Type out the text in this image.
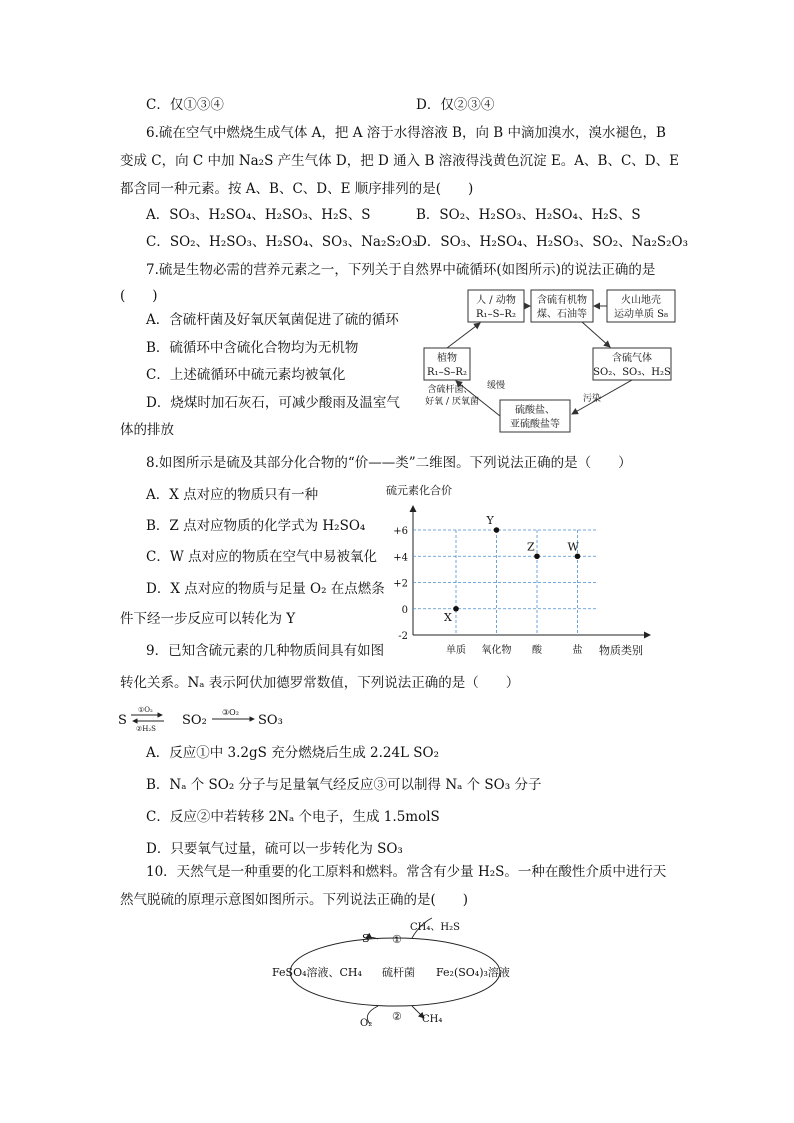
C．仅①③④	D．仅②③④
6.硫在空气中燃烧生成气体 A，把 A 溶于水得溶液 B，向 B 中滴加溴水，溴水褪色，B
变成 C，向 C 中加 Na₂S 产生气体 D，把 D 通入 B 溶液得浅黄色沉淀 E。A、B、C、D、E
都含同一种元素。按 A、B、C、D、E 顺序排列的是(　　)
A．SO₃、H₂SO₄、H₂SO₃、H₂S、S	B．SO₂、H₂SO₃、H₂SO₄、H₂S、S
C．SO₂、H₂SO₃、H₂SO₄、SO₃、Na₂S₂O₃
D．SO₃、H₂SO₄、H₂SO₃、SO₂、Na₂S₂O₃
7.硫是生物必需的营养元素之一，下列关于自然界中硫循环(如图所示)的说法正确的是
(　　)
A．含硫杆菌及好氧厌氧菌促进了硫的循环
B．硫循环中含硫化合物均为无机物
C．上述硫循环中硫元素均被氧化
D．烧煤时加石灰石，可减少酸雨及温室气
体的排放
人 / 动物
R₁–S–R₂
含硫有机物
煤、石油等
火山地壳
运动单质 S₈
含硫气体
SO₂、SO₃、H₂S
植物
R₁–S–R₂
硫酸盐、
亚硫酸盐等
含硫杆菌、
好氧 / 厌氧菌
缓慢
污染
8.如图所示是硫及其部分化合物的“价——类”二维图。下列说法正确的是（　　）
A．X 点对应的物质只有一种
B．Z 点对应物质的化学式为 H₂SO₄
C．W 点对应的物质在空气中易被氧化
D．X 点对应的物质与足量 O₂ 在点燃条
件下经一步反应可以转化为 Y
硫元素化合价
物质类别
+6
+4
+2
0
-2
单质 氧化物 酸	盐
X
Y
Z	W
9．已知含硫元素的几种物质间具有如图
转化关系。Nₐ 表示阿伏加德罗常数值，下列说法正确的是（　　）
S
①O₂
②H₂S
SO₂
③O₂
SO₃
A．反应①中 3.2gS 充分燃烧后生成 2.24L SO₂
B．Nₐ 个 SO₂ 分子与足量氧气经反应③可以制得 Nₐ 个 SO₃ 分子
C．反应②中若转移 2Nₐ 个电子，生成 1.5molS
D．只要氧气过量，硫可以一步转化为 SO₃
10．天然气是一种重要的化工原料和燃料。常含有少量 H₂S。一种在酸性介质中进行天
然气脱硫的原理示意图如图所示。下列说法正确的是(　　)
S ①
CH₄、H₂S
FeSO₄溶液、CH₄ 硫杆菌 Fe₂(SO₄)₃溶液
②
O₂	CH₄
